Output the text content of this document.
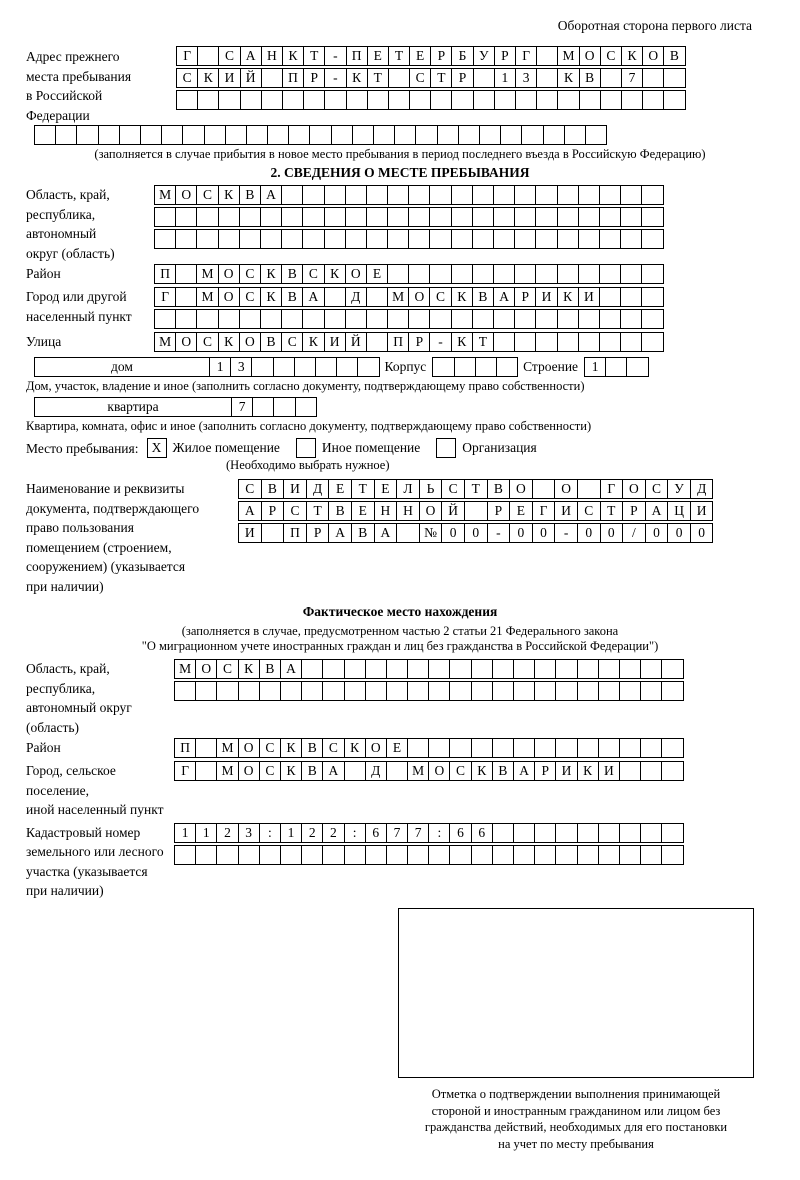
Оборотная сторона первого листа
Адрес прежнего
места пребывания
в Российской
Федерации
Г	С А Н К Т	-	П Е Т Е Р	Б У Р	Г	М О С К О В
С К И Й	П Р	-	К Т	С Т Р	1	3	К В	7
(заполняется в случае прибытия в новое место пребывания в период последнего въезда в Российскую Федерацию)
2. СВЕДЕНИЯ О МЕСТЕ ПРЕБЫВАНИЯ
Область, край,
республика,
автономный
округ (область)
М О С К В А
Район	П	М О С К В С К О Е
Город или другой
населенный пункт
Г	М О С К В А	Д	М О С К В А Р И К И
Улица	М О С К О В С К И Й	П Р	-	К Т
дом	1	3	Корпус	Строение	1
Дом, участок, владение и иное (заполнить согласно документу, подтверждающему право собственности)
квартира	7
Квартира, комната, офис и иное (заполнить согласно документу, подтверждающему право собственности)
Место пребывания: Х Жилое помещение	Иное помещение	Организация
(Необходимо выбрать нужное)
Наименование и реквизиты
документа, подтверждающего
право пользования
помещением (строением,
сооружением) (указывается
при наличии)
С	В И Д	Е	Т	Е	Л	Ь	С	Т	В О	О	Г	О С У Д
А	Р	С	Т	В	Е	Н Н О Й	Р	Е	Г	И С	Т	Р	А Ц И
И	П	Р	А В А	№ 0	0	-	0	0	-	0	0	/	0	0	0
Фактическое место нахождения
(заполняется в случае, предусмотренном частью 2 статьи 21 Федерального закона
"О миграционном учете иностранных граждан и лиц без гражданства в Российской Федерации")
Область, край,
республика,
автономный округ
(область)
М О С К В А
Район	П	М О С К В С К О Е
Город, сельское поселение,
иной населенный пункт
Г	М О С К В А	Д	М О С К В А Р И К И
Кадастровый номер
земельного или лесного
участка (указывается
при наличии)
1	1	2	3	:	1	2	2	:	6	7	7	:	6	6
Отметка о подтверждении выполнения принимающей
стороной и иностранным гражданином или лицом без
гражданства действий, необходимых для его постановки
на учет по месту пребывания
